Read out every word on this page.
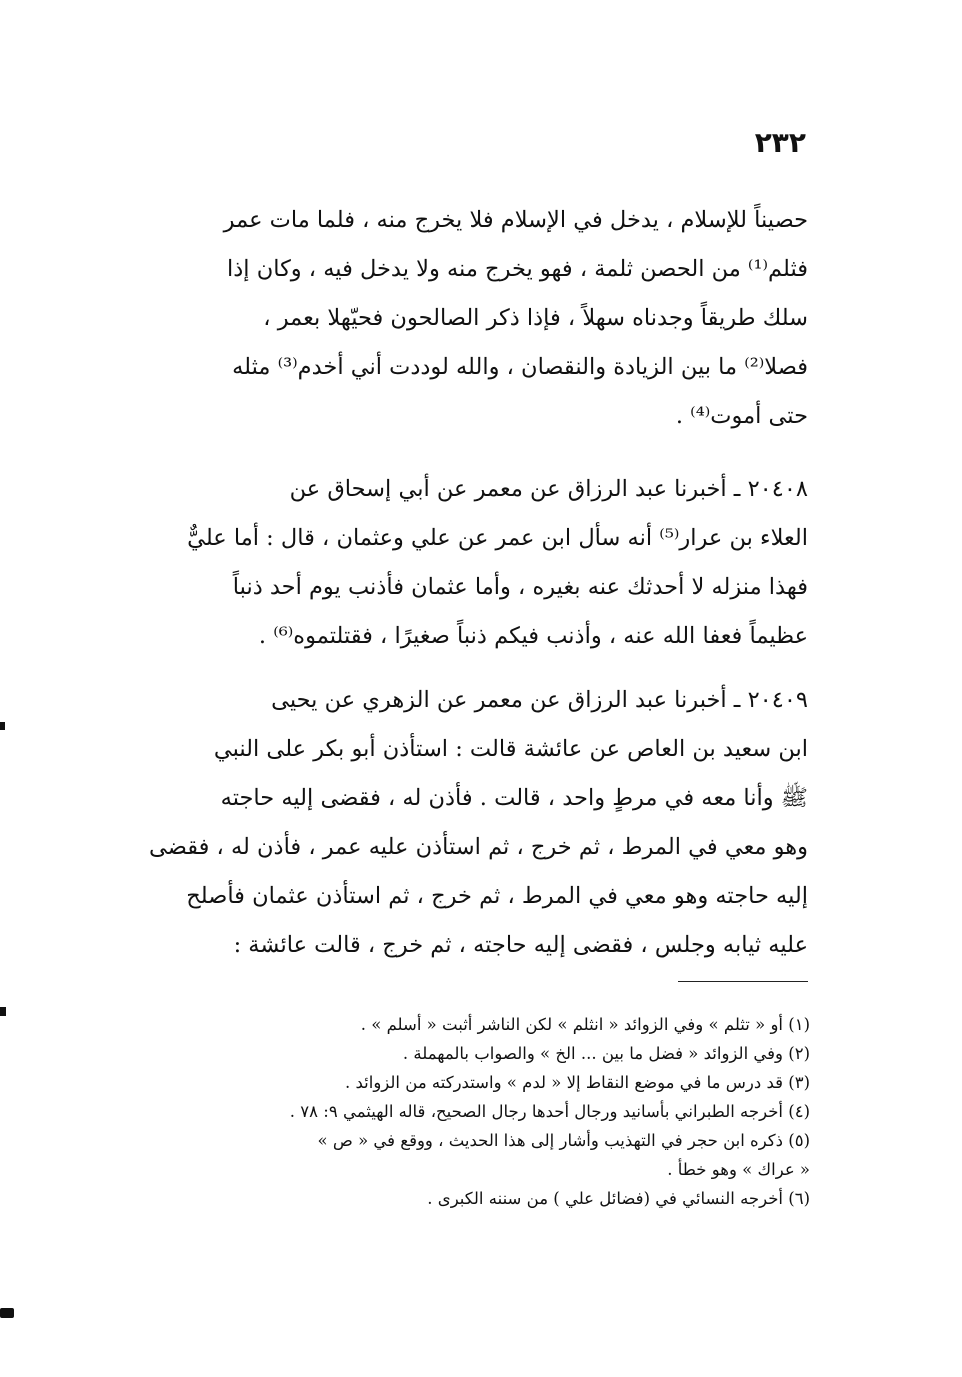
٢٣٢
حصيناً للإسلام ، يدخل في الإسلام فلا يخرج منه ، فلما مات عمر
فثلم⁽¹⁾ من الحصن ثلمة ، فهو يخرج منه ولا يدخل فيه ، وكان إذا
سلك طريقاً وجدناه سهلاً ، فإذا ذكر الصالحون فحيّهلا بعمر ،
فصلا⁽²⁾ ما بين الزيادة والنقصان ، والله لوددت أني أخدم⁽³⁾ مثله
حتى أموت⁽⁴⁾ .
٢٠٤٠٨ ـ أخبرنا عبد الرزاق عن معمر عن أبي إسحاق عن
العلاء بن عرار⁽⁵⁾ أنه سأل ابن عمر عن علي وعثمان ، قال : أما عليٌّ
فهذا منزله لا أحدثك عنه بغيره ، وأما عثمان فأذنب يوم أحد ذنباً
عظيماً فعفا الله عنه ، وأذنب فيكم ذنباً صغيرًا ، فقتلتموه⁽⁶⁾ .
٢٠٤٠٩ ـ أخبرنا عبد الرزاق عن معمر عن الزهري عن يحيى
ابن سعيد بن العاص عن عائشة قالت : استأذن أبو بكر على النبي
ﷺ وأنا معه في مرطٍ واحد ، قالت . فأذن له ، فقضى إليه حاجته
وهو معي في المرط ، ثم خرج ، ثم استأذن عليه عمر ، فأذن له ، فقضى
إليه حاجته وهو معي في المرط ، ثم خرج ، ثم استأذن عثمان فأصلح
عليه ثيابه وجلس ، فقضى إليه حاجته ، ثم خرج ، قالت عائشة :
(١) أو « تثلم » وفي الزوائد « انثلم » لكن الناشر أثبت « أسلم » .
(٢) وفي الزوائد « فضل ما بين ... الخ » والصواب بالمهملة .
(٣) قد درس ما في موضع النقاط إلا « لدم » واستدركته من الزوائد .
(٤) أخرجه الطبراني بأسانيد ورجال أحدها رجال الصحيح، قاله الهيثمي ٩: ٧٨ .
(٥) ذكره ابن حجر في التهذيب وأشار إلى هذا الحديث ، ووقع في « ص »
« عراك » وهو خطأ .
(٦) أخرجه النسائي في (فضائل علي ) من سننه الكبرى .
